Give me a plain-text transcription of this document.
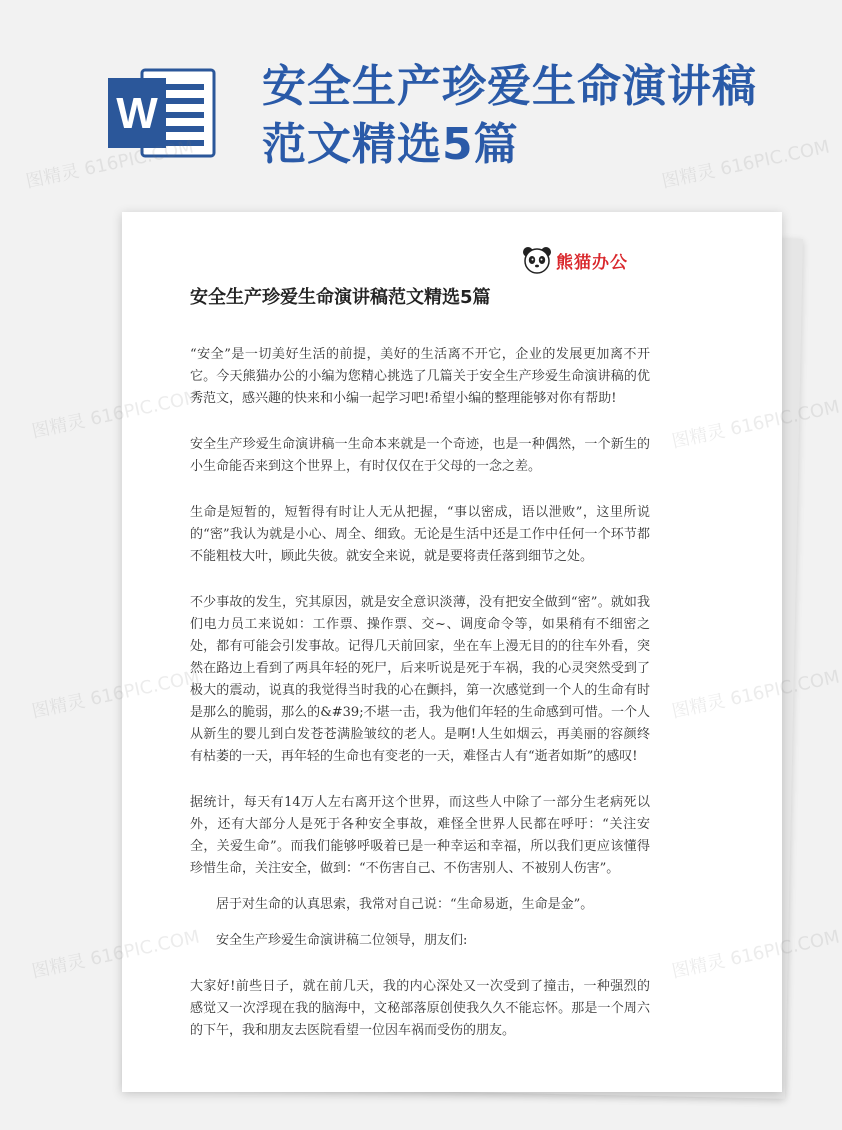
W
安全生产珍爱生命演讲稿范文精选5篇
熊猫办公
安全生产珍爱生命演讲稿范文精选5篇

“安全”是一切美好生活的前提，美好的生活离不开它，企业的发展更加离不开它。今天熊猫办公的小编为您精心挑选了几篇关于安全生产珍爱生命演讲稿的优秀范文，感兴趣的快来和小编一起学习吧!希望小编的整理能够对你有帮助!

安全生产珍爱生命演讲稿一生命本来就是一个奇迹，也是一种偶然，一个新生的小生命能否来到这个世界上，有时仅仅在于父母的一念之差。

生命是短暂的，短暂得有时让人无从把握，“事以密成，语以泄败”，这里所说的“密”我认为就是小心、周全、细致。无论是生活中还是工作中任何一个环节都不能粗枝大叶，顾此失彼。就安全来说，就是要将责任落到细节之处。

不少事故的发生，究其原因，就是安全意识淡薄，没有把安全做到“密”。就如我们电力员工来说如：工作票、操作票、交~、调度命令等，如果稍有不细密之处，都有可能会引发事故。记得几天前回家，坐在车上漫无目的的往车外看，突然在路边上看到了两具年轻的死尸，后来听说是死于车祸，我的心灵突然受到了极大的震动，说真的我觉得当时我的心在颤抖，第一次感觉到一个人的生命有时是那么的脆弱，那么的&#39;不堪一击，我为他们年轻的生命感到可惜。一个人从新生的婴儿到白发苍苍满脸皱纹的老人。是啊!人生如烟云，再美丽的容颜终有枯萎的一天，再年轻的生命也有变老的一天，难怪古人有“逝者如斯”的感叹!

据统计，每天有14万人左右离开这个世界，而这些人中除了一部分生老病死以外，还有大部分人是死于各种安全事故，难怪全世界人民都在呼吁：“关注安全，关爱生命”。而我们能够呼吸着已是一种幸运和幸福，所以我们更应该懂得珍惜生命，关注安全，做到：“不伤害自己、不伤害别人、不被别人伤害”。

居于对生命的认真思索，我常对自己说：“生命易逝，生命是金”。

安全生产珍爱生命演讲稿二位领导，朋友们:

大家好!前些日子，就在前几天，我的内心深处又一次受到了撞击，一种强烈的感觉又一次浮现在我的脑海中，文秘部落原创使我久久不能忘怀。那是一个周六的下午，我和朋友去医院看望一位因车祸而受伤的朋友。

图精灵 616PIC.COM	图精灵 616PIC.COM
图精灵 616PIC.COM
图精灵 616PIC.COM
图精灵 616PIC.COM
